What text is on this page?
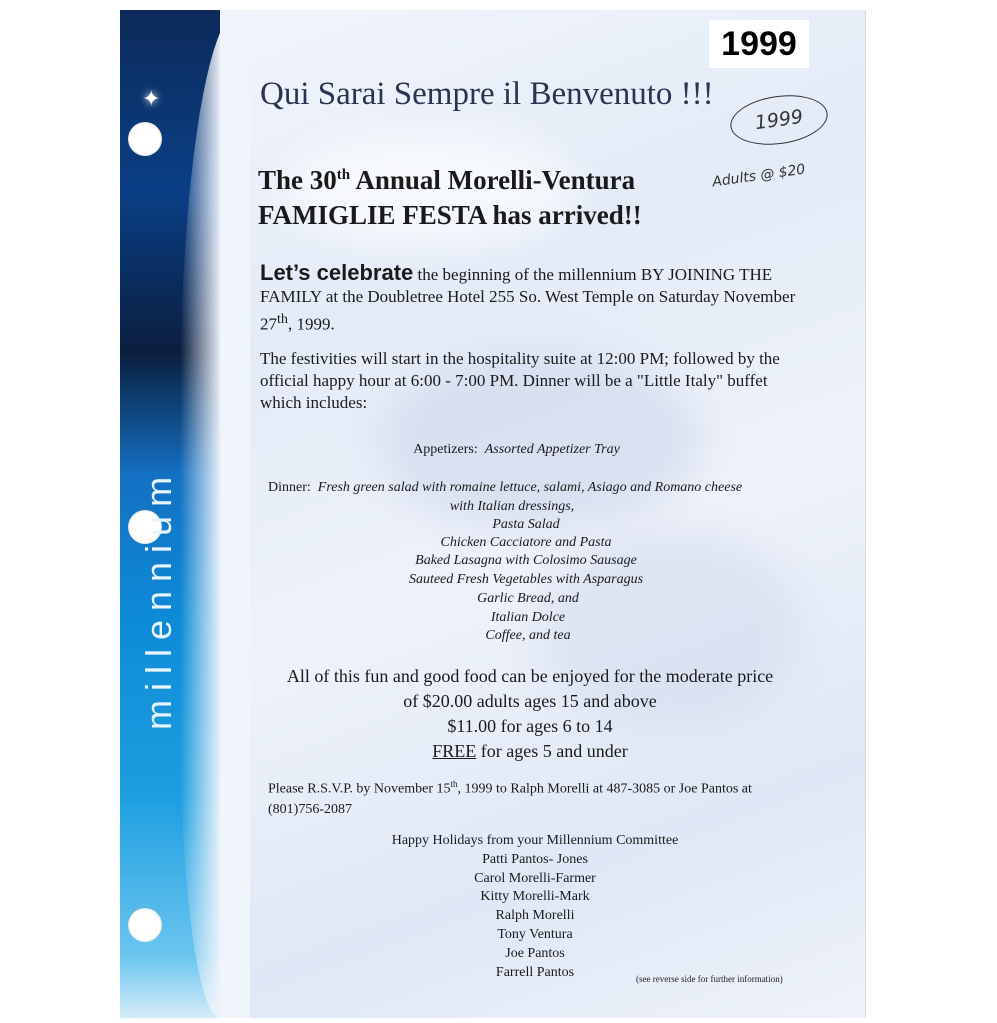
✦
millennium
1999
1999
Adults @ $20
Qui Sarai Sempre il Benvenuto !!!
The 30th Annual Morelli-Ventura
FAMIGLIE FESTA has arrived!!
Let’s celebrate the beginning of the millennium BY JOINING THE FAMILY at the Doubletree Hotel 255 So. West Temple on Saturday November 27th, 1999.
The festivities will start in the hospitality suite at 12:00 PM; followed by the official happy hour at 6:00 - 7:00 PM. Dinner will be a "Little Italy" buffet which includes:
Appetizers: Assorted Appetizer Tray
Dinner: Fresh green salad with romaine lettuce, salami, Asiago and Romano cheese
with Italian dressings,
Pasta Salad
Chicken Cacciatore and Pasta
Baked Lasagna with Colosimo Sausage
Sauteed Fresh Vegetables with Asparagus
Garlic Bread, and
Italian Dolce
Coffee, and tea
All of this fun and good food can be enjoyed for the moderate price
of $20.00 adults ages 15 and above
$11.00 for ages 6 to 14
FREE for ages 5 and under
Please R.S.V.P. by November 15th, 1999 to Ralph Morelli at 487-3085 or Joe Pantos at (801)756-2087
Happy Holidays from your Millennium Committee
Patti Pantos- Jones
Carol Morelli-Farmer
Kitty Morelli-Mark
Ralph Morelli
Tony Ventura
Joe Pantos
Farrell Pantos	(see reverse side for further information)
